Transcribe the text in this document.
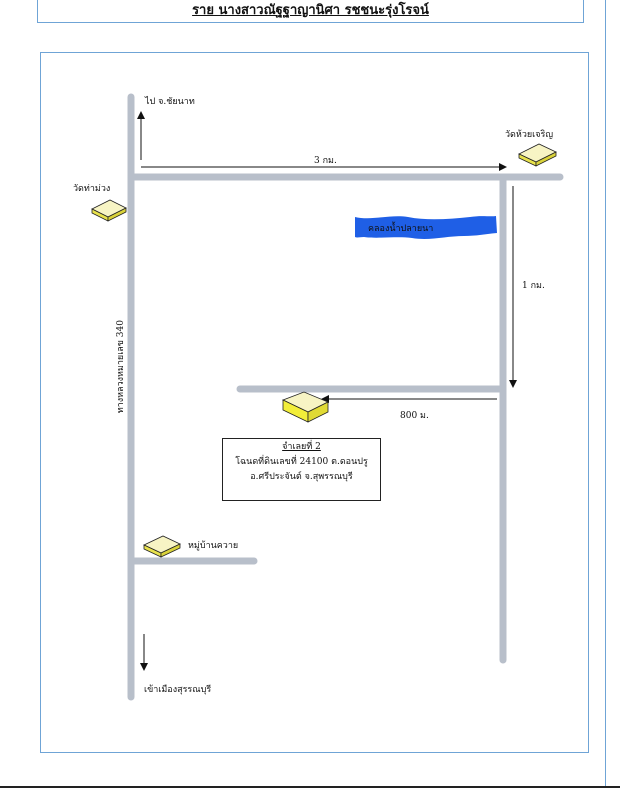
ราย นางสาวณัฐฐาญานิศา รชชนะรุ่งโรจน์
ไป จ.ชัยนาท
วัดห้วยเจริญ
3 กม.
วัดท่าม่วง
คลองน้ำปลายนา
1 กม.
ทางหลวงหมายเลข 340
800 ม.
หมู่บ้านควาย
เข้าเมืองสุรรณบุรี
จำเลยที่ 2
โฉนดที่ดินเลขที่ 24100 ต.ดอนปรู
อ.ศรีประจันต์ จ.สุพรรณบุรี
